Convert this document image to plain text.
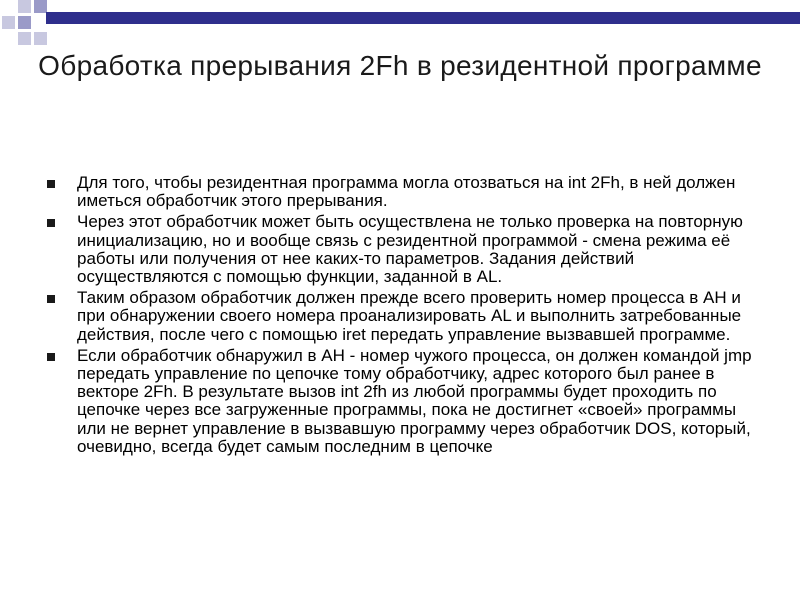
Обработка прерывания 2Fh в резидентной программе
Для того, чтобы резидентная программа могла отозваться на int 2Fh, в ней должен иметься обработчик этого прерывания.
Через этот обработчик может быть осуществлена не только проверка на повторную инициализацию, но и вообще связь с резидентной программой - смена режима её работы или получения от нее каких-то параметров. Задания действий осуществляются с помощью функции, заданной в AL.
Таким образом обработчик должен прежде всего проверить номер процесса в AH и при обнаружении своего номера проанализировать AL и выполнить затребованные действия, после чего с помощью iret передать управление вызвавшей программе.
Если обработчик обнаружил в AH - номер чужого процесса, он должен командой jmp передать управление по цепочке тому обработчику, адрес которого был ранее в векторе 2Fh. В результате вызов int 2fh из любой программы будет проходить по цепочке через все загруженные программы, пока не достигнет «своей» программы или не вернет управление в вызвавшую программу через обработчик DOS, который, очевидно, всегда будет самым последним в цепочке
